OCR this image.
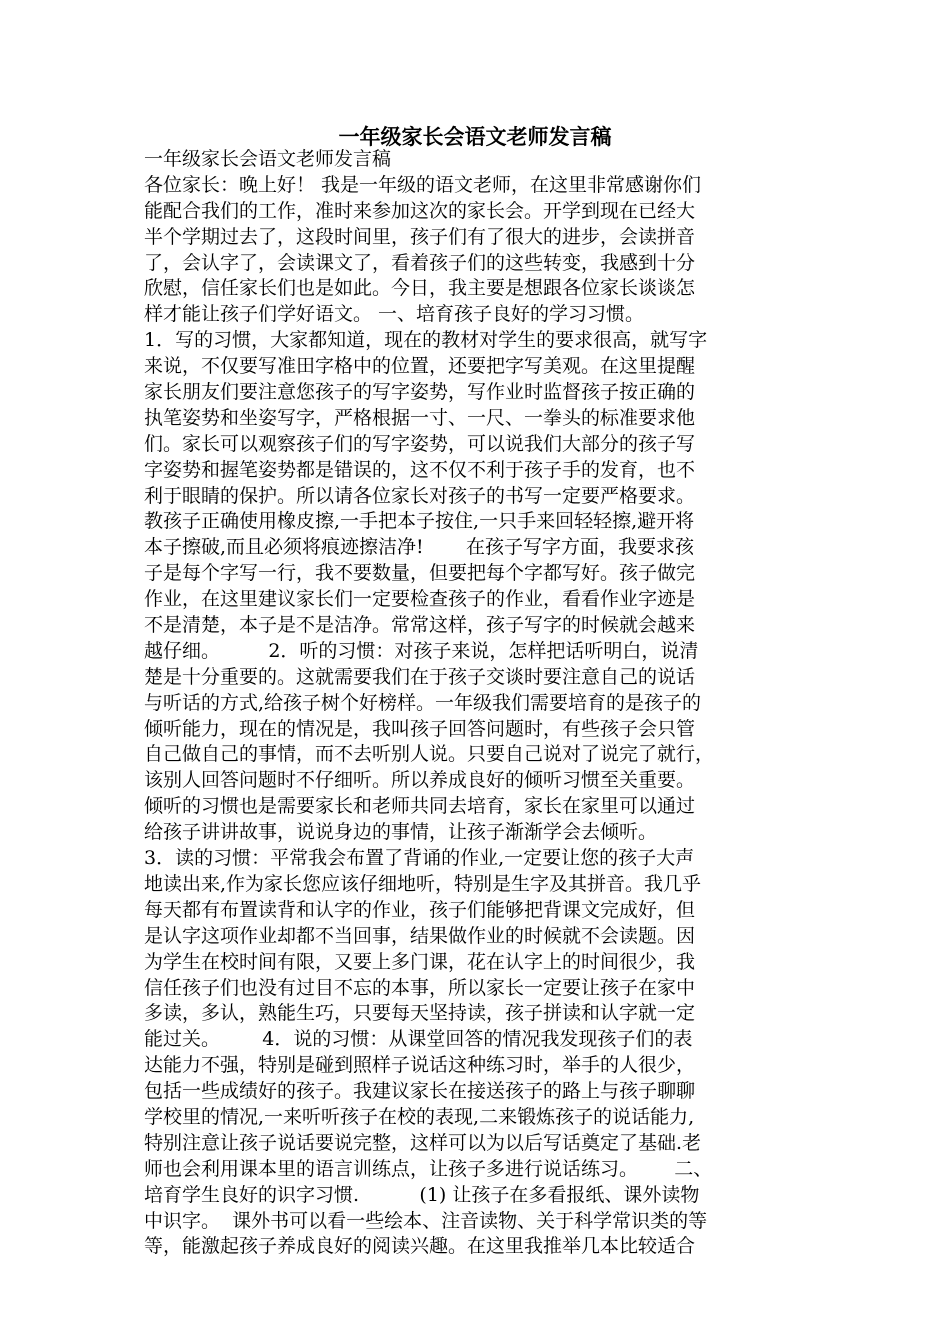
一年级家长会语文老师发言稿
一年级家长会语文老师发言稿
各位家长：晚上好！ 我是一年级的语文老师，在这里非常感谢你们
能配合我们的工作，准时来参加这次的家长会。开学到现在已经大
半个学期过去了，这段时间里，孩子们有了很大的进步，会读拼音
了，会认字了，会读课文了，看着孩子们的这些转变，我感到十分
欣慰，信任家长们也是如此。今日，我主要是想跟各位家长谈谈怎
样才能让孩子们学好语文。 一、培育孩子良好的学习习惯。
1．写的习惯，大家都知道，现在的教材对学生的要求很高，就写字
来说，不仅要写准田字格中的位置，还要把字写美观。在这里提醒
家长朋友们要注意您孩子的写字姿势，写作业时监督孩子按正确的
执笔姿势和坐姿写字，严格根据一寸、一尺、一拳头的标准要求他
们。家长可以观察孩子们的写字姿势，可以说我们大部分的孩子写
字姿势和握笔姿势都是错误的，这不仅不利于孩子手的发育，也不
利于眼睛的保护。所以请各位家长对孩子的书写一定要严格要求。
教孩子正确使用橡皮擦,一手把本子按住,一只手来回轻轻擦,避开将
本子擦破,而且必须将痕迹擦洁净!       在孩子写字方面，我要求孩
子是每个字写一行，我不要数量，但要把每个字都写好。孩子做完
作业，在这里建议家长们一定要检查孩子的作业，看看作业字迹是
不是清楚，本子是不是洁净。常常这样，孩子写字的时候就会越来
越仔细。        2．听的习惯：对孩子来说，怎样把话听明白，说清
楚是十分重要的。这就需要我们在于孩子交谈时要注意自己的说话
与听话的方式,给孩子树个好榜样。一年级我们需要培育的是孩子的
倾听能力，现在的情况是，我叫孩子回答问题时，有些孩子会只管
自己做自己的事情，而不去听别人说。只要自己说对了说完了就行，
该别人回答问题时不仔细听。所以养成良好的倾听习惯至关重要。
倾听的习惯也是需要家长和老师共同去培育，家长在家里可以通过
给孩子讲讲故事，说说身边的事情，让孩子渐渐学会去倾听。
3．读的习惯：平常我会布置了背诵的作业,一定要让您的孩子大声
地读出来,作为家长您应该仔细地听，特别是生字及其拼音。我几乎
每天都有布置读背和认字的作业，孩子们能够把背课文完成好，但
是认字这项作业却都不当回事，结果做作业的时候就不会读题。因
为学生在校时间有限，又要上多门课，花在认字上的时间很少，我
信任孩子们也没有过目不忘的本事，所以家长一定要让孩子在家中
多读，多认，熟能生巧，只要每天坚持读，孩子拼读和认字就一定
能过关。       4．说的习惯：从课堂回答的情况我发现孩子们的表
达能力不强，特别是碰到照样子说话这种练习时，举手的人很少，
包括一些成绩好的孩子。我建议家长在接送孩子的路上与孩子聊聊
学校里的情况,一来听听孩子在校的表现,二来锻炼孩子的说话能力,
特别注意让孩子说话要说完整，这样可以为以后写话奠定了基础.老
师也会利用课本里的语言训练点，让孩子多进行说话练习。      二、
培育学生良好的识字习惯.          (1) 让孩子在多看报纸、课外读物
中识字。  课外书可以看一些绘本、注音读物、关于科学常识类的等
等，能激起孩子养成良好的阅读兴趣。在这里我推举几本比较适合
